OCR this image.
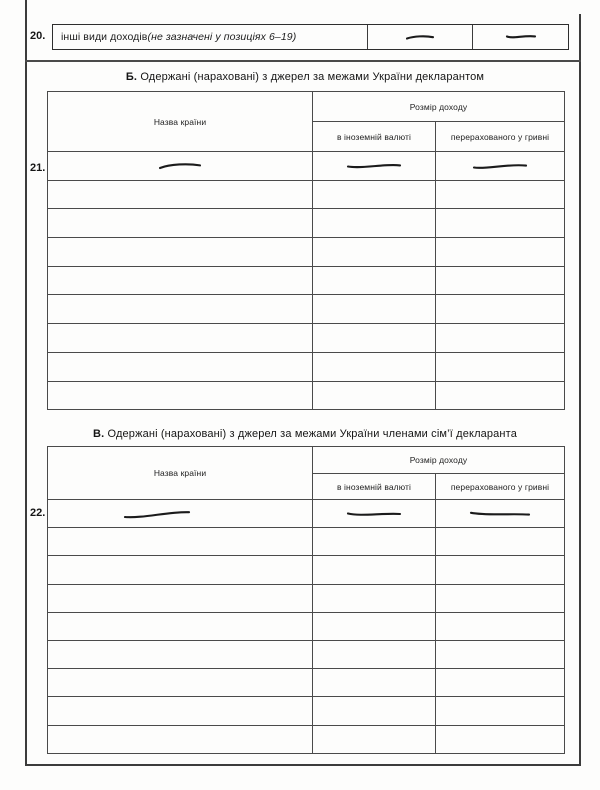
20. інші види доходів (не зазначені у позиціях 6–19)
Б. Одержані (нараховані) з джерел за межами України декларантом
21.
Назва країни	Розмір доходу	
	в іноземній валюті	перерахованого у гривні

В. Одержані (нараховані) з джерел за межами України членами сім’ї декларанта
22.
Назва країни	Розмір доходу	
	в іноземній валюті	перерахованого у гривні
